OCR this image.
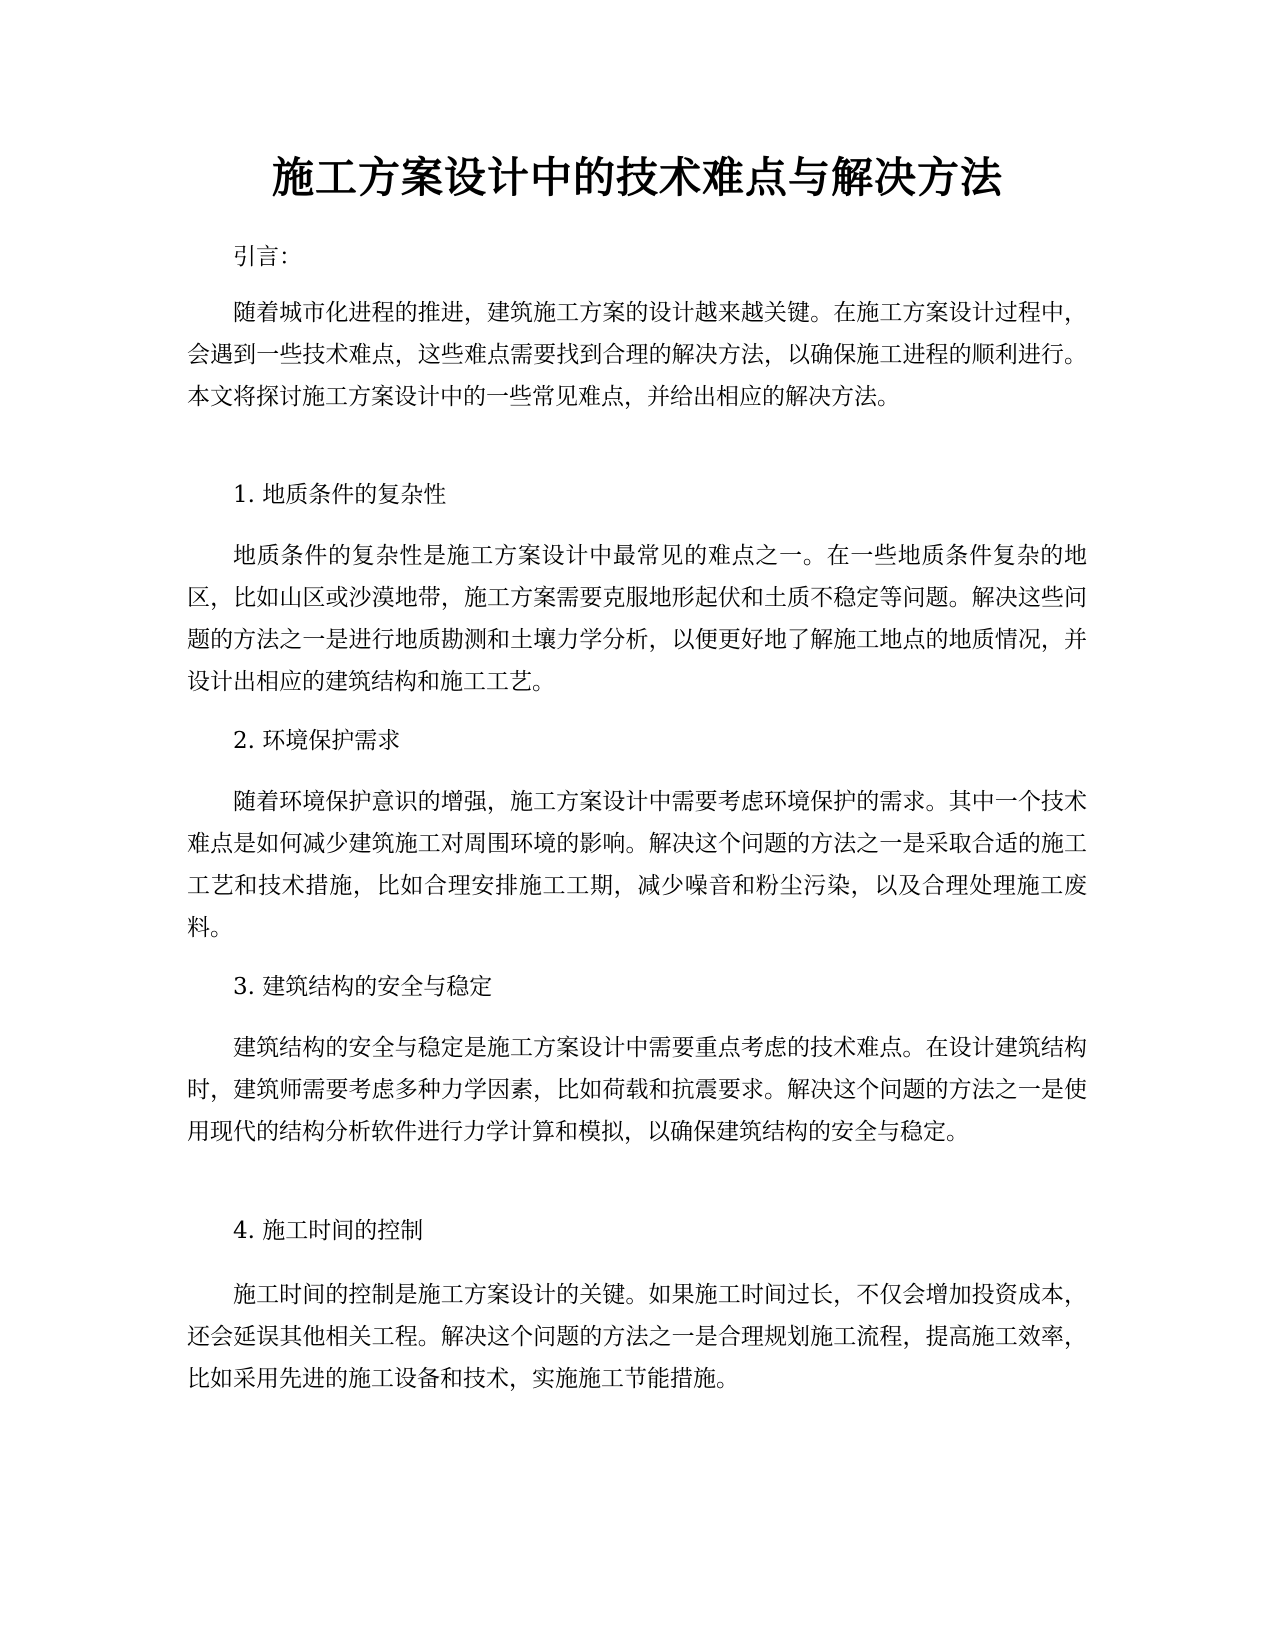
施工方案设计中的技术难点与解决方法
引言：
随着城市化进程的推进，建筑施工方案的设计越来越关键。在施工方案设计过程中，会遇到一些技术难点，这些难点需要找到合理的解决方法，以确保施工进程的顺利进行。本文将探讨施工方案设计中的一些常见难点，并给出相应的解决方法。
1. 地质条件的复杂性
地质条件的复杂性是施工方案设计中最常见的难点之一。在一些地质条件复杂的地区，比如山区或沙漠地带，施工方案需要克服地形起伏和土质不稳定等问题。解决这些问题的方法之一是进行地质勘测和土壤力学分析，以便更好地了解施工地点的地质情况，并设计出相应的建筑结构和施工工艺。
2. 环境保护需求
随着环境保护意识的增强，施工方案设计中需要考虑环境保护的需求。其中一个技术难点是如何减少建筑施工对周围环境的影响。解决这个问题的方法之一是采取合适的施工工艺和技术措施，比如合理安排施工工期，减少噪音和粉尘污染，以及合理处理施工废料。
3. 建筑结构的安全与稳定
建筑结构的安全与稳定是施工方案设计中需要重点考虑的技术难点。在设计建筑结构时，建筑师需要考虑多种力学因素，比如荷载和抗震要求。解决这个问题的方法之一是使用现代的结构分析软件进行力学计算和模拟，以确保建筑结构的安全与稳定。
4. 施工时间的控制
施工时间的控制是施工方案设计的关键。如果施工时间过长，不仅会增加投资成本，还会延误其他相关工程。解决这个问题的方法之一是合理规划施工流程，提高施工效率，比如采用先进的施工设备和技术，实施施工节能措施。
